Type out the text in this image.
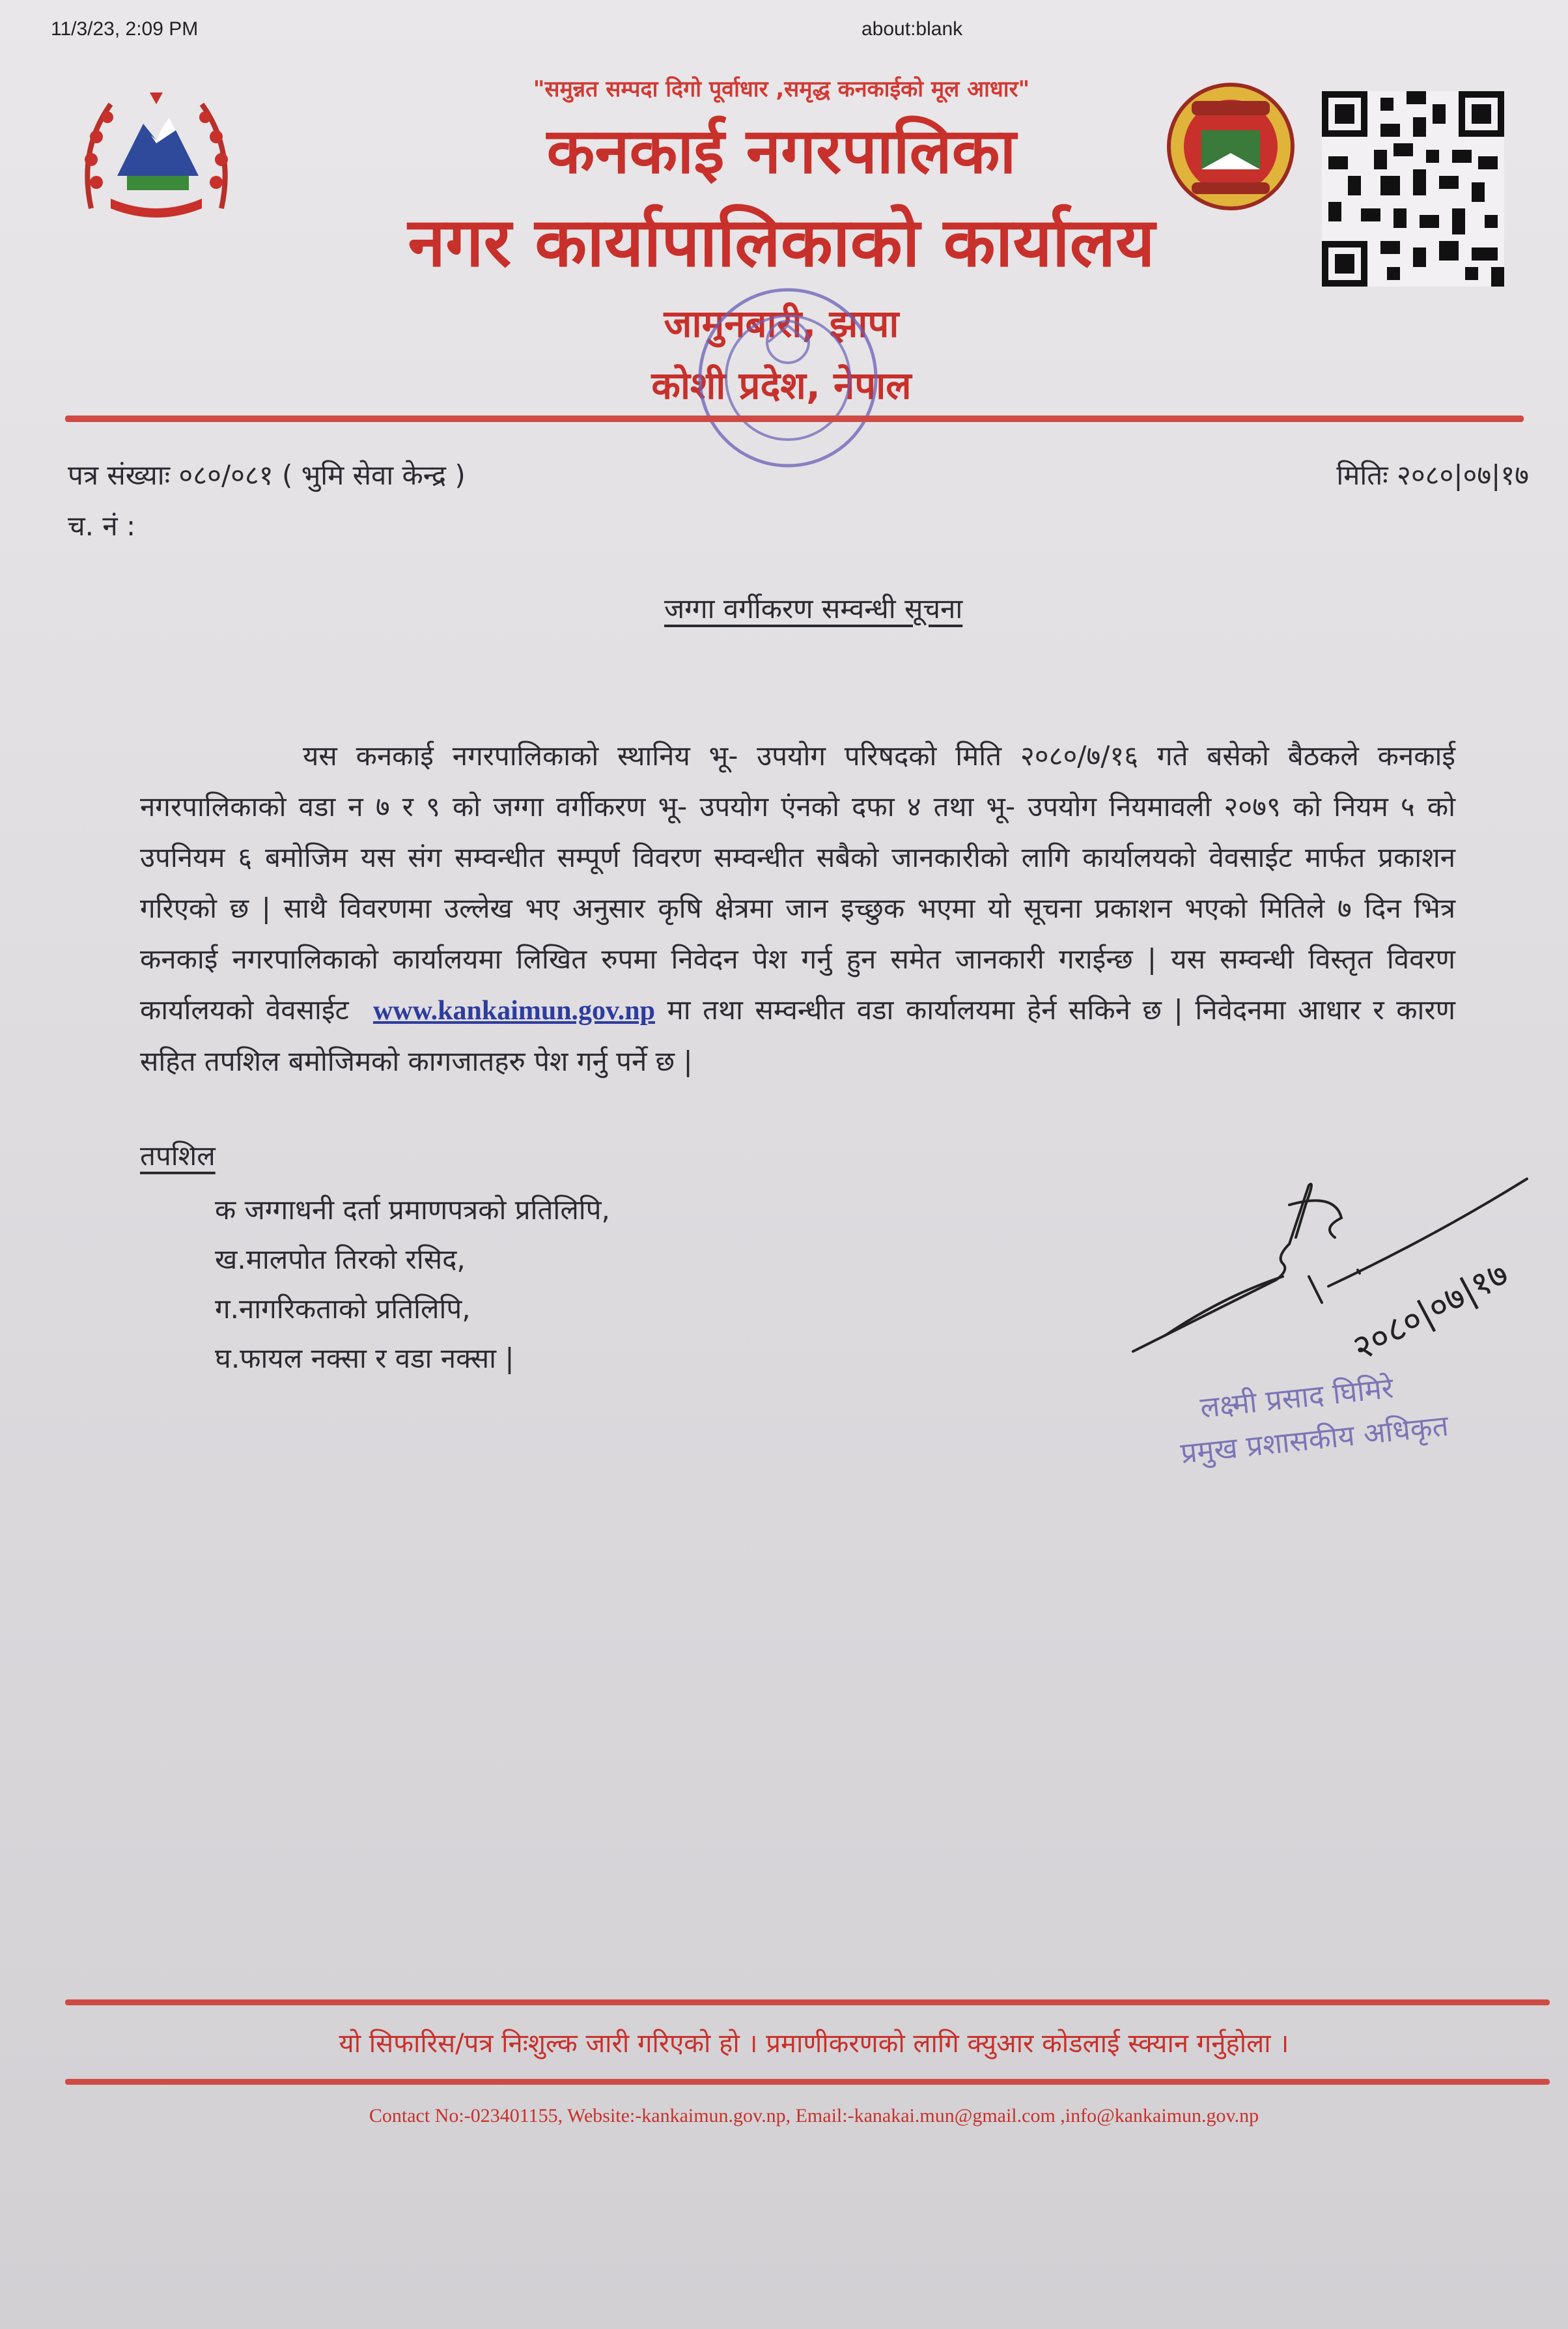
11/3/23, 2:09 PM	about:blank
"समुन्नत सम्पदा दिगो पूर्वाधार ,समृद्ध कनकाईको मूल आधार"
कनकाई नगरपालिका
नगर कार्यापालिकाको कार्यालय
जामुनबारी, झापा
कोशी प्रदेश, नेपाल
पत्र संख्याः ०८०/०८१ ( भुमि सेवा केन्द्र )	मितिः २०८०|०७|१७
च. नं :
जग्गा वर्गीकरण सम्वन्धी सूचना
यस कनकाई नगरपालिकाको स्थानिय भू- उपयोग परिषदको मिति २०८०/७/१६ गते बसेको बैठकले कनकाई नगरपालिकाको वडा न ७ र ९ को जग्गा वर्गीकरण भू- उपयोग एंनको दफा ४ तथा भू- उपयोग नियमावली २०७९ को नियम ५ को उपनियम ६ बमोजिम यस संग सम्वन्धीत सम्पूर्ण विवरण सम्वन्धीत सबैको जानकारीको लागि कार्यालयको वेवसाईट मार्फत प्रकाशन गरिएको छ | साथै विवरणमा उल्लेख भए अनुसार कृषि क्षेत्रमा जान इच्छुक भएमा यो सूचना प्रकाशन भएको मितिले ७ दिन भित्र कनकाई नगरपालिकाको कार्यालयमा लिखित रुपमा निवेदन पेश गर्नु हुन समेत जानकारी गराईन्छ | यस सम्वन्धी विस्तृत विवरण कार्यालयको वेवसाईट www.kankaimun.gov.np मा तथा सम्वन्धीत वडा कार्यालयमा हेर्न सकिने छ | निवेदनमा आधार र कारण सहित तपशिल बमोजिमको कागजातहरु पेश गर्नु पर्ने छ |
तपशिल
क जग्गाधनी दर्ता प्रमाणपत्रको प्रतिलिपि,
ख.मालपोत तिरको रसिद,
ग.नागरिकताको प्रतिलिपि,
घ.फायल नक्सा र वडा नक्सा |	२०८०|०७|१७
लक्ष्मी प्रसाद घिमिरे
प्रमुख प्रशासकीय अधिकृत
यो सिफारिस/पत्र निःशुल्क जारी गरिएको हो । प्रमाणीकरणको लागि क्युआर कोडलाई स्क्यान गर्नुहोला ।
Contact No:-023401155, Website:-kankaimun.gov.np, Email:-kanakai.mun@gmail.com ,info@kankaimun.gov.np
